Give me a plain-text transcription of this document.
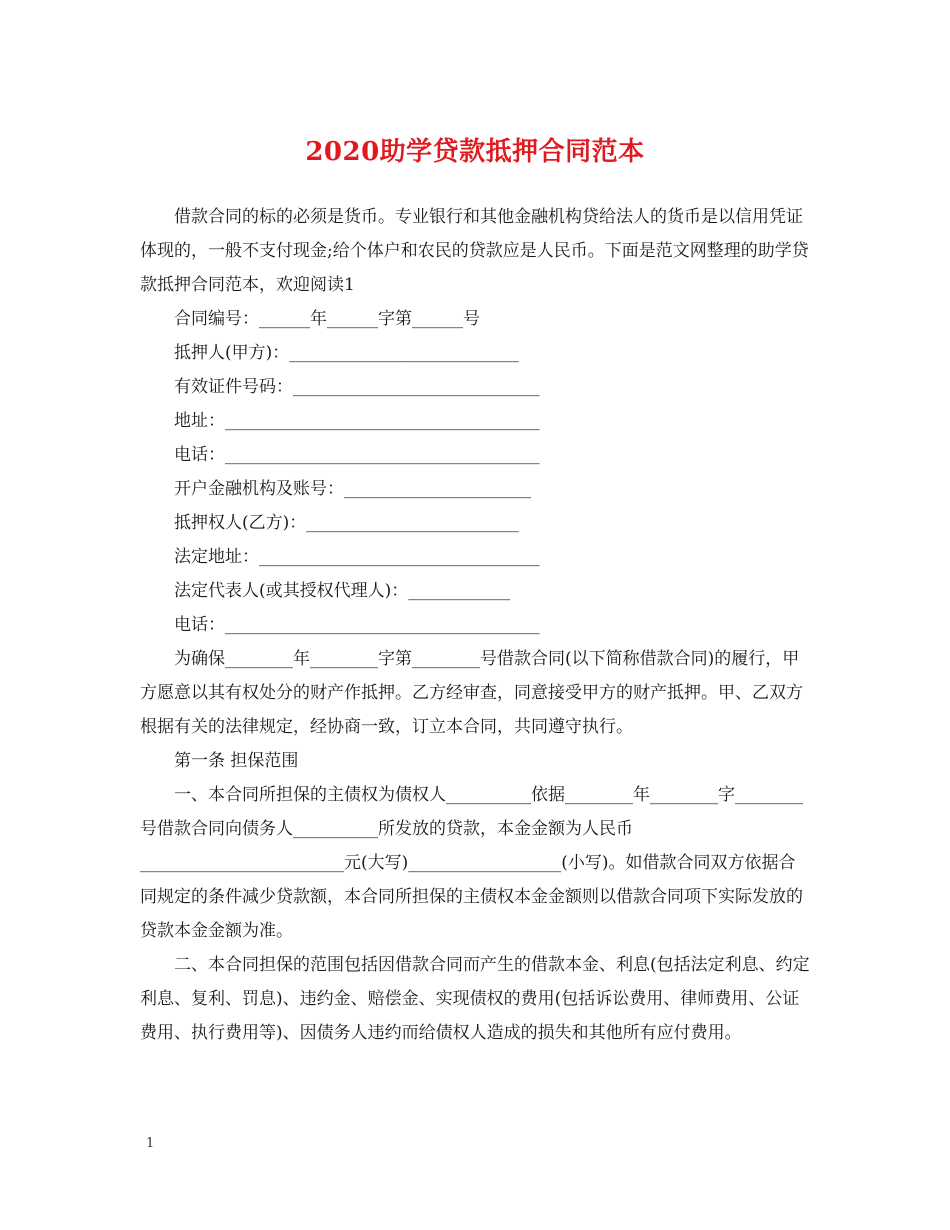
2020助学贷款抵押合同范本

借款合同的标的必须是货币。专业银行和其他金融机构贷给法人的货币是以信用凭证体现的，一般不支付现金;给个体户和农民的贷款应是人民币。下面是范文网整理的助学贷款抵押合同范本，欢迎阅读1

合同编号：______年______字第______号

抵押人(甲方)：___________________________

有效证件号码：_____________________________

地址：_____________________________________

电话：_____________________________________

开户金融机构及账号：______________________

抵押权人(乙方)：_________________________

法定地址：_________________________________

法定代表人(或其授权代理人)：____________

电话：_____________________________________

为确保________年________字第________号借款合同(以下简称借款合同)的履行，甲方愿意以其有权处分的财产作抵押。乙方经审查，同意接受甲方的财产抵押。甲、乙双方根据有关的法律规定，经协商一致，订立本合同，共同遵守执行。

第一条 担保范围

一、本合同所担保的主债权为债权人__________依据________年________字________号借款合同向债务人__________所发放的贷款，本金金额为人民币________________________元(大写)__________________(小写)。如借款合同双方依据合同规定的条件减少贷款额，本合同所担保的主债权本金金额则以借款合同项下实际发放的贷款本金金额为准。

二、本合同担保的范围包括因借款合同而产生的借款本金、利息(包括法定利息、约定利息、复利、罚息)、违约金、赔偿金、实现债权的费用(包括诉讼费用、律师费用、公证费用、执行费用等)、因债务人违约而给债权人造成的损失和其他所有应付费用。

1
